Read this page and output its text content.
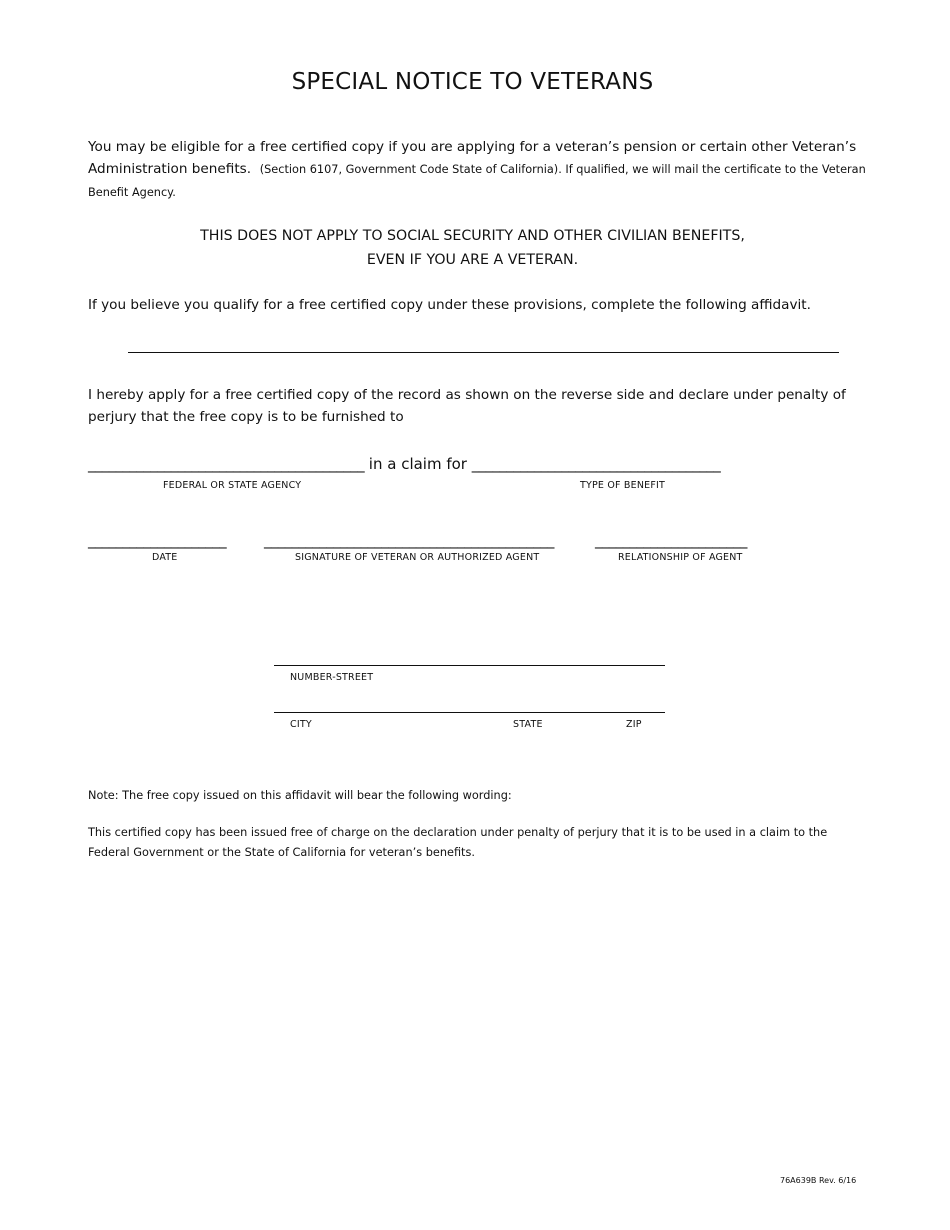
SPECIAL NOTICE TO VETERANS
You may be eligible for a free certified copy if you are applying for a veteran’s pension or certain other Veteran’s Administration benefits. (Section 6107, Government Code State of California). If qualified, we will mail the certificate to the Veteran Benefit Agency.
THIS DOES NOT APPLY TO SOCIAL SECURITY AND OTHER CIVILIAN BENEFITS,
EVEN IF YOU ARE A VETERAN.
If you believe you qualify for a free certified copy under these provisions, complete the following affidavit.
I hereby apply for a free certified copy of the record as shown on the reverse side and declare under penalty of perjury that the free copy is to be furnished to
________________________________________ in a claim for ____________________________________
FEDERAL OR STATE AGENCY	TYPE OF BENEFIT
____________________	__________________________________________	______________________
DATE	SIGNATURE OF VETERAN OR AUTHORIZED AGENT	RELATIONSHIP OF AGENT
NUMBER-STREET
CITY	STATE	ZIP
Note: The free copy issued on this affidavit will bear the following wording:
This certified copy has been issued free of charge on the declaration under penalty of perjury that it is to be used in a claim to the Federal Government or the State of California for veteran’s benefits.
76A639B Rev. 6/16
